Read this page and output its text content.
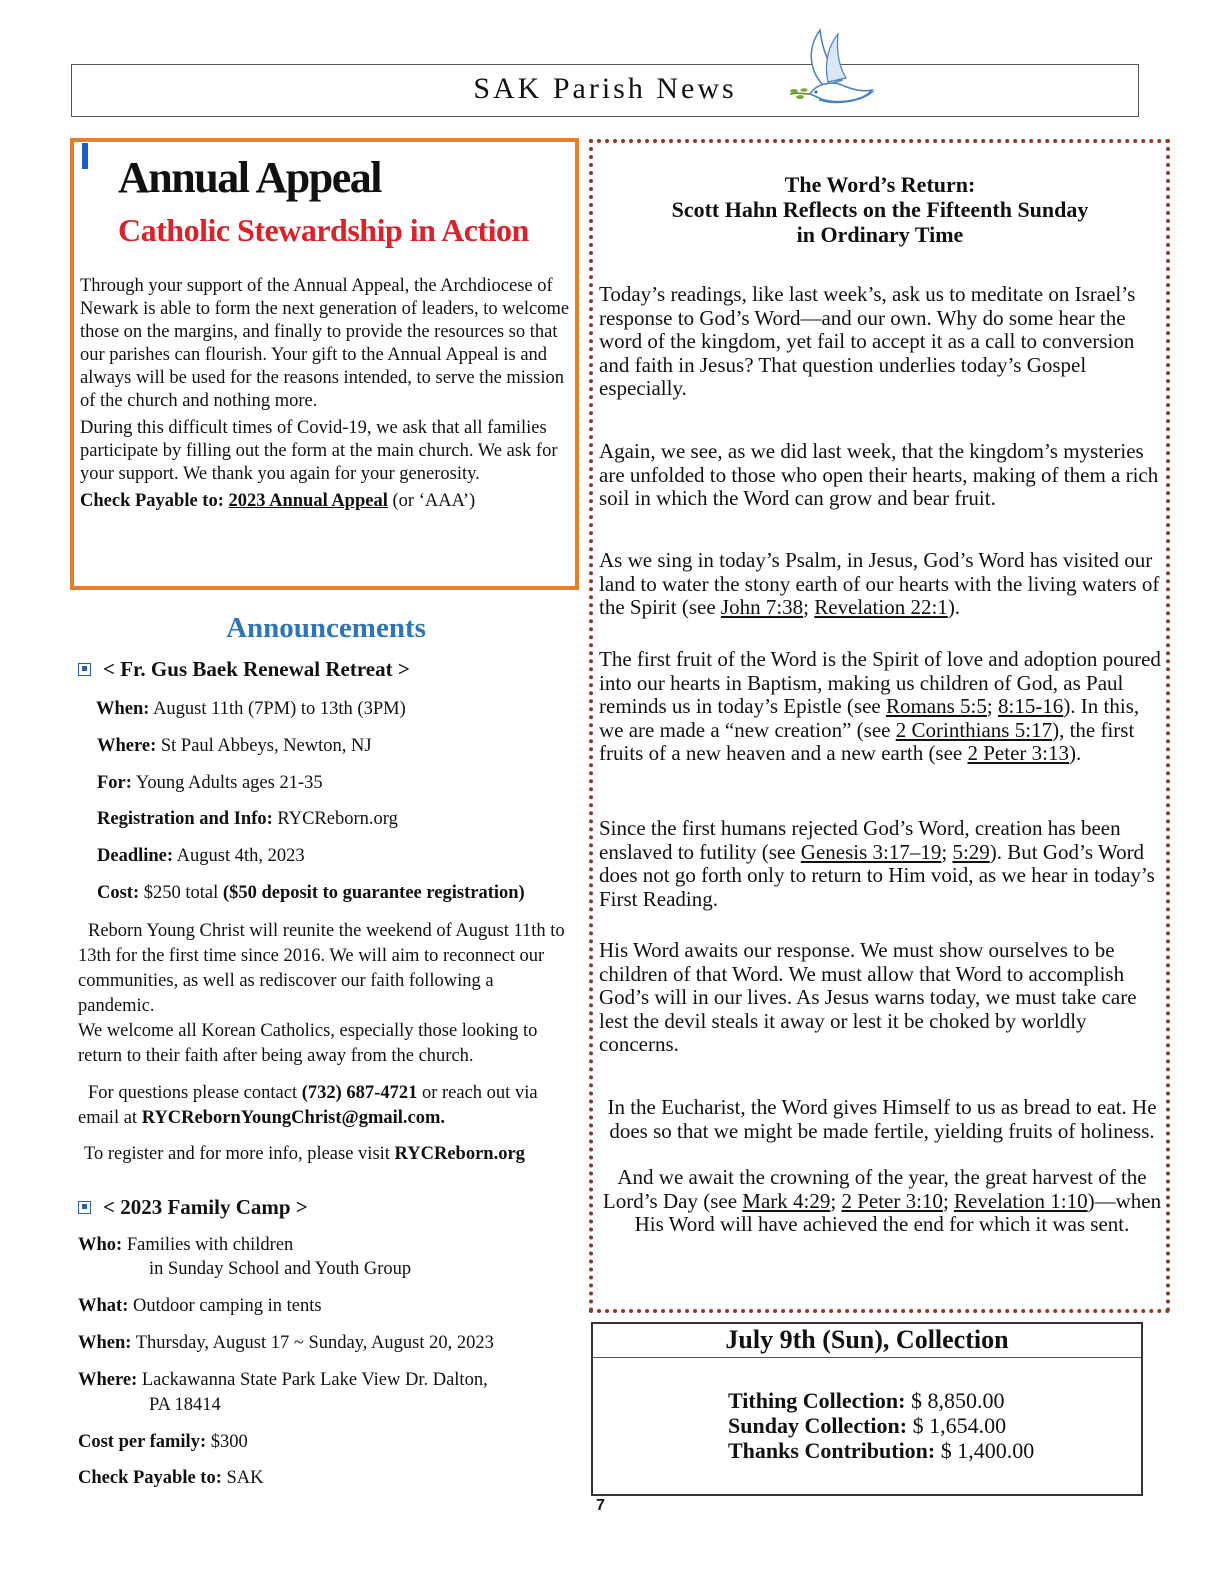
SAK Parish News
Annual Appeal
Catholic Stewardship in Action

Through your support of the Annual Appeal, the Archdiocese of Newark is able to form the next generation of leaders, to welcome those on the margins, and finally to provide the resources so that our parishes can flourish. Your gift to the Annual Appeal is and always will be used for the reasons intended, to serve the mission of the church and nothing more.

During this difficult times of Covid-19, we ask that all families participate by filling out the form at the main church. We ask for your support. We thank you again for your generosity.

Check Payable to: 2023 Annual Appeal (or ‘AAA’)

Announcements
< Fr. Gus Baek Renewal Retreat >
When: August 11th (7PM) to 13th (3PM)
Where: St Paul Abbeys, Newton, NJ
For: Young Adults ages 21-35
Registration and Info: RYCReborn.org
Deadline: August 4th, 2023
Cost: $250 total ($50 deposit to guarantee registration)
Reborn Young Christ will reunite the weekend of August 11th to 13th for the first time since 2016. We will aim to reconnect our communities, as well as rediscover our faith following a pandemic.
We welcome all Korean Catholics, especially those looking to return to their faith after being away from the church.
For questions please contact (732) 687-4721 or reach out via email at RYCRebornYoungChrist@gmail.com.
To register and for more info, please visit RYCReborn.org
< 2023 Family Camp >
Who: Families with children
in Sunday School and Youth Group
What: Outdoor camping in tents
When: Thursday, August 17 ~ Sunday, August 20, 2023
Where: Lackawanna State Park Lake View Dr. Dalton,
PA 18414
Cost per family: $300
Check Payable to: SAK
The Word’s Return:
Scott Hahn Reflects on the Fifteenth Sunday
in Ordinary Time
Today’s readings, like last week’s, ask us to meditate on Israel’s response to God’s Word—and our own. Why do some hear the word of the kingdom, yet fail to accept it as a call to conversion and faith in Jesus? That question underlies today’s Gospel especially.
Again, we see, as we did last week, that the kingdom’s mysteries are unfolded to those who open their hearts, making of them a rich soil in which the Word can grow and bear fruit.
As we sing in today’s Psalm, in Jesus, God’s Word has visited our land to water the stony earth of our hearts with the living waters of the Spirit (see John 7:38; Revelation 22:1).
The first fruit of the Word is the Spirit of love and adoption poured into our hearts in Baptism, making us children of God, as Paul reminds us in today’s Epistle (see Romans 5:5; 8:15-16). In this, we are made a “new creation” (see 2 Corinthians 5:17), the first fruits of a new heaven and a new earth (see 2 Peter 3:13).
Since the first humans rejected God’s Word, creation has been enslaved to futility (see Genesis 3:17–19; 5:29). But God’s Word does not go forth only to return to Him void, as we hear in today’s First Reading.
His Word awaits our response. We must show ourselves to be children of that Word. We must allow that Word to accomplish God’s will in our lives. As Jesus warns today, we must take care lest the devil steals it away or lest it be choked by worldly concerns.
In the Eucharist, the Word gives Himself to us as bread to eat. He does so that we might be made fertile, yielding fruits of holiness.
And we await the crowning of the year, the great harvest of the Lord’s Day (see Mark 4:29; 2 Peter 3:10; Revelation 1:10)—when His Word will have achieved the end for which it was sent.
July 9th (Sun), Collection
Tithing Collection: $ 8,850.00
Sunday Collection: $ 1,654.00
Thanks Contribution: $ 1,400.00
7
